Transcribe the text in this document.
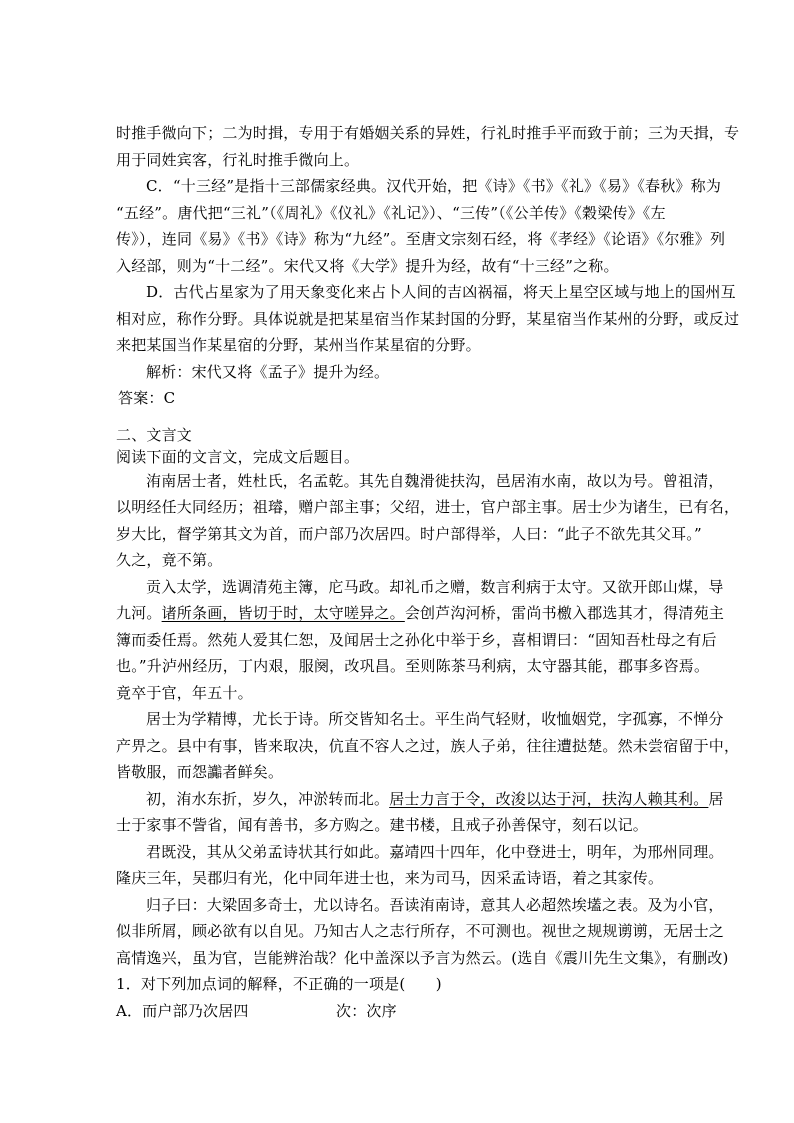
时推手微向下；二为时揖，专用于有婚姻关系的异姓，行礼时推手平而致于前；三为天揖，专
用于同姓宾客，行礼时推手微向上。
C．“十三经”是指十三部儒家经典。汉代开始，把《诗》《书》《礼》《易》《春秋》称为
“五经”。唐代把“三礼”（《周礼》《仪礼》《礼记》）、“三传”（《公羊传》《穀梁传》《左
传》），连同《易》《书》《诗》称为“九经”。至唐文宗刻石经，将《孝经》《论语》《尔雅》列
入经部，则为“十二经”。宋代又将《大学》提升为经，故有“十三经”之称。
D．古代占星家为了用天象变化来占卜人间的吉凶祸福，将天上星空区域与地上的国州互
相对应，称作分野。具体说就是把某星宿当作某封国的分野，某星宿当作某州的分野，或反过
来把某国当作某星宿的分野，某州当作某星宿的分野。
解析：宋代又将《孟子》提升为经。
答案：C
二、文言文
阅读下面的文言文，完成文后题目。
洧南居士者，姓杜氏，名孟乾。其先自魏滑徙扶沟，邑居洧水南，故以为号。曾祖清，
以明经任大同经历；祖璿，赠户部主事；父绍，进士，官户部主事。居士少为诸生，已有名，
岁大比，督学第其文为首，而户部乃次居四。时户部得举，人曰：“此子不欲先其父耳。”
久之，竟不第。
贡入太学，选调清苑主簿，庀马政。却礼币之赠，数言利病于太守。又欲开郎山煤，导
九河。诸所条画，皆切于时，太守嗟异之。会创芦沟河桥，雷尚书檄入郡选其才，得清苑主
簿而委任焉。然苑人爱其仁恕，及闻居士之孙化中举于乡，喜相谓曰：“固知吾杜母之有后
也。”升泸州经历，丁内艰，服阕，改巩昌。至则陈茶马利病，太守器其能，郡事多咨焉。
竟卒于官，年五十。
居士为学精博，尤长于诗。所交皆知名士。平生尚气轻财，收恤姻党，字孤寡，不惮分
产畀之。县中有事，皆来取决，伉直不容人之过，族人子弟，往往遭挞楚。然未尝宿留于中，
皆敬服，而怨讟者鲜矣。
初，洧水东折，岁久，冲淤转而北。居士力言于令，改浚以达于河，扶沟人赖其利。居
士于家事不訾省，闻有善书，多方购之。建书楼，且戒子孙善保守，刻石以记。
君既没，其从父弟孟诗状其行如此。嘉靖四十四年，化中登进士，明年，为邢州同理。
隆庆三年，吴郡归有光，化中同年进士也，来为司马，因采孟诗语，着之其家传。
归子曰：大梁固多奇士，尤以诗名。吾读洧南诗，意其人必超然埃壒之表。及为小官，
似非所屑，顾必欲有以自见。乃知古人之志行所存，不可测也。视世之规规谫谫，无居士之
高情逸兴，虽为官，岂能辨治哉？化中盖深以予言为然云。(选自《震川先生文集》，有删改)
1．对下列加点词的解释，不正确的一项是(　　)
A．而户部乃次居四	次：次序
